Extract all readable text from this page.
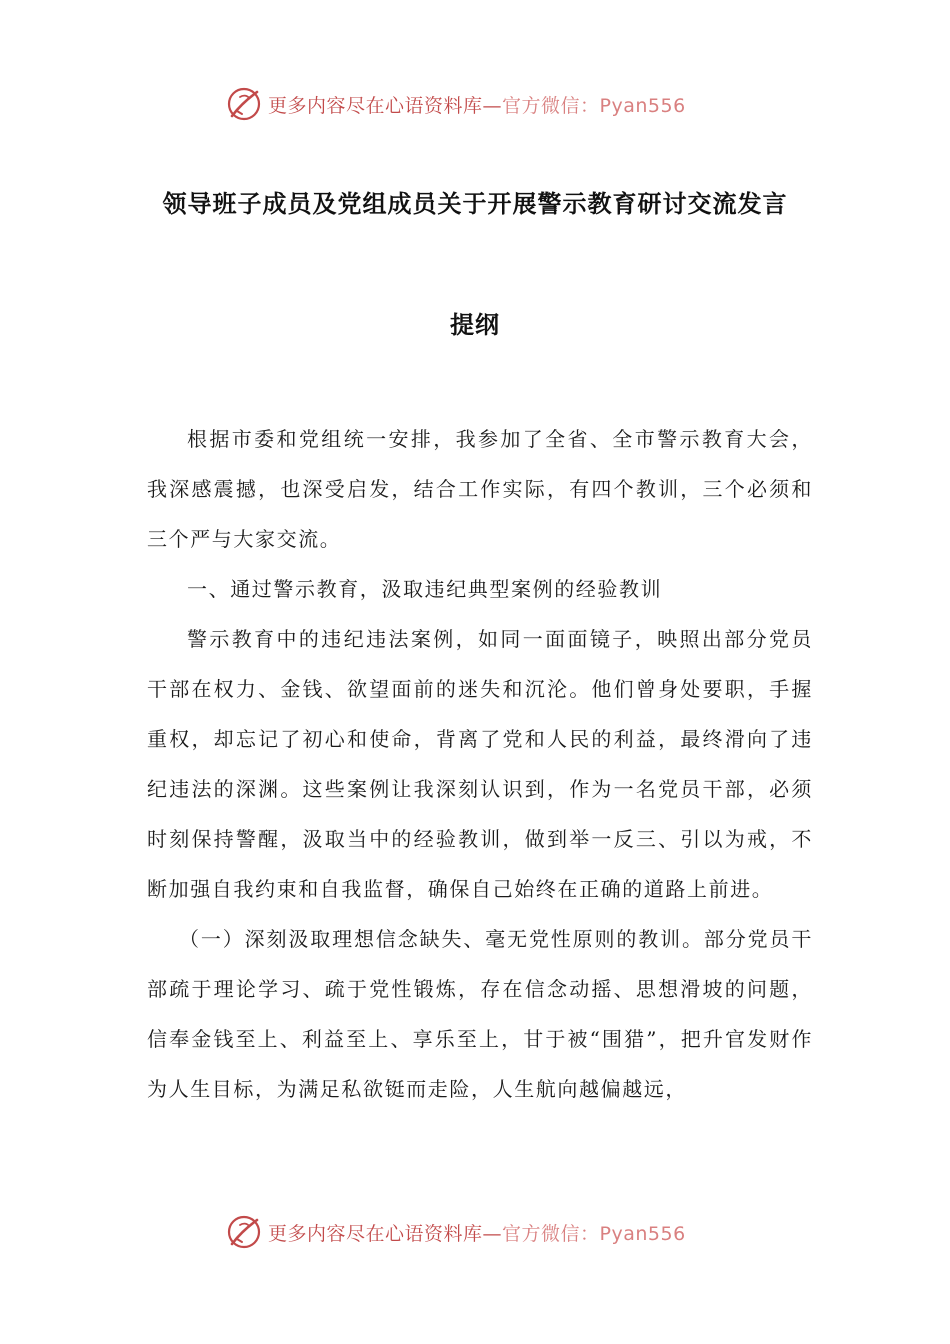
更多内容尽在心语资料库—官方微信：Pyan556
领导班子成员及党组成员关于开展警示教育研讨交流发言
提纲

根据市委和党组统一安排，我参加了全省、全市警示教育大会，我深感震撼，也深受启发，结合工作实际，有四个教训，三个必须和三个严与大家交流。

一、通过警示教育，汲取违纪典型案例的经验教训

警示教育中的违纪违法案例，如同一面面镜子，映照出部分党员干部在权力、金钱、欲望面前的迷失和沉沦。他们曾身处要职，手握重权，却忘记了初心和使命，背离了党和人民的利益，最终滑向了违纪违法的深渊。这些案例让我深刻认识到，作为一名党员干部，必须时刻保持警醒，汲取当中的经验教训，做到举一反三、引以为戒，不断加强自我约束和自我监督，确保自己始终在正确的道路上前进。

（一）深刻汲取理想信念缺失、毫无党性原则的教训。部分党员干部疏于理论学习、疏于党性锻炼，存在信念动摇、思想滑坡的问题，信奉金钱至上、利益至上、享乐至上，甘于被“围猎”，把升官发财作为人生目标，为满足私欲铤而走险，人生航向越偏越远，

更多内容尽在心语资料库—官方微信：Pyan556
